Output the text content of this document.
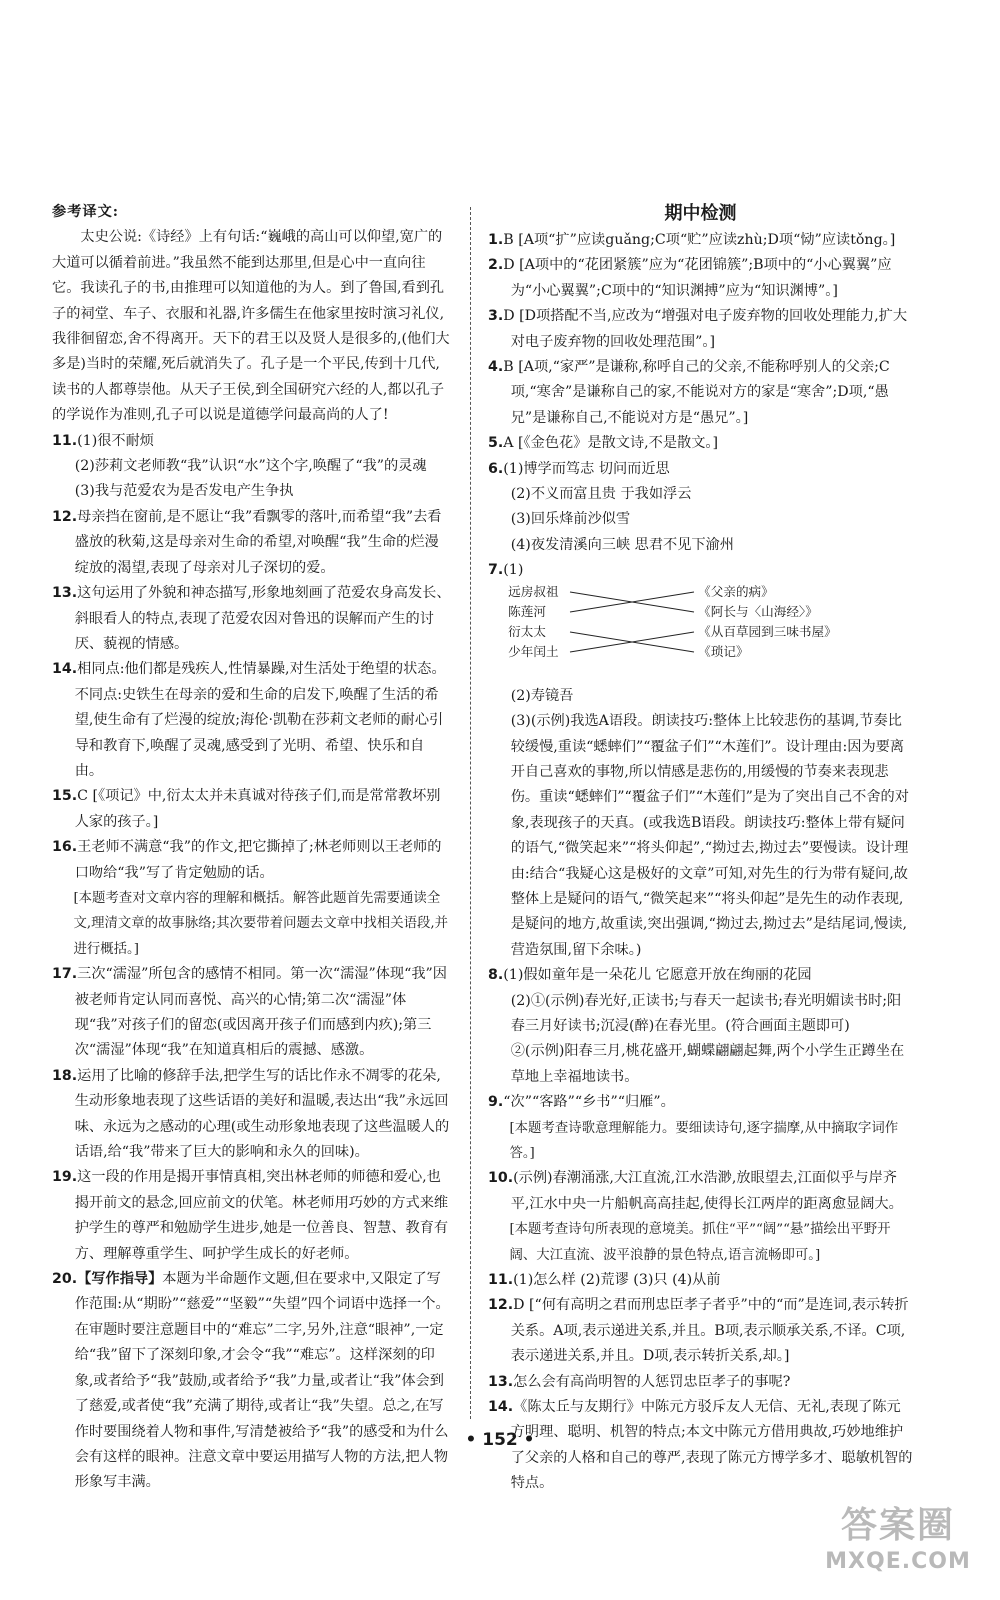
参考译文:

太史公说:《诗经》上有句话:“巍峨的高山可以仰望,宽广的大道可以循着前进。”我虽然不能到达那里,但是心中一直向往它。我读孔子的书,由推理可以知道他的为人。到了鲁国,看到孔子的祠堂、车子、衣服和礼器,许多儒生在他家里按时演习礼仪,我徘徊留恋,舍不得离开。天下的君王以及贤人是很多的,(他们大多是)当时的荣耀,死后就消失了。孔子是一个平民,传到十几代,读书的人都尊崇他。从天子王侯,到全国研究六经的人,都以孔子的学说作为准则,孔子可以说是道德学问最高尚的人了!

11.(1)很不耐烦

(2)莎莉文老师教“我”认识“水”这个字,唤醒了“我”的灵魂

(3)我与范爱农为是否发电产生争执

12.母亲挡在窗前,是不愿让“我”看飘零的落叶,而希望“我”去看盛放的秋菊,这是母亲对生命的希望,对唤醒“我”生命的烂漫绽放的渴望,表现了母亲对儿子深切的爱。

13.这句运用了外貌和神态描写,形象地刻画了范爱农身高发长、斜眼看人的特点,表现了范爱农因对鲁迅的误解而产生的讨厌、藐视的情感。

14.相同点:他们都是残疾人,性情暴躁,对生活处于绝望的状态。不同点:史铁生在母亲的爱和生命的启发下,唤醒了生活的希望,使生命有了烂漫的绽放;海伦·凯勒在莎莉文老师的耐心引导和教育下,唤醒了灵魂,感受到了光明、希望、快乐和自由。

15.C [《项记》中,衍太太并未真诚对待孩子们,而是常常教坏别人家的孩子。]

16.王老师不满意“我”的作文,把它撕掉了;林老师则以王老师的口吻给“我”写了肯定勉励的话。

[本题考查对文章内容的理解和概括。解答此题首先需要通读全文,理清文章的故事脉络;其次要带着问题去文章中找相关语段,并进行概括。]

17.三次“濡湿”所包含的感情不相同。第一次“濡湿”体现“我”因被老师肯定认同而喜悦、高兴的心情;第二次“濡湿”体现“我”对孩子们的留恋(或因离开孩子们而感到内疚);第三次“濡湿”体现“我”在知道真相后的震撼、感激。

18.运用了比喻的修辞手法,把学生写的话比作永不凋零的花朵,生动形象地表现了这些话语的美好和温暖,表达出“我”永远回味、永远为之感动的心理(或生动形象地表现了这些温暖人的话语,给“我”带来了巨大的影响和永久的回味)。

19.这一段的作用是揭开事情真相,突出林老师的师德和爱心,也揭开前文的悬念,回应前文的伏笔。林老师用巧妙的方式来维护学生的尊严和勉励学生进步,她是一位善良、智慧、教育有方、理解尊重学生、呵护学生成长的好老师。

20.【写作指导】本题为半命题作文题,但在要求中,又限定了写作范围:从“期盼”“慈爱”“坚毅”“失望”四个词语中选择一个。在审题时要注意题目中的“难忘”二字,另外,注意“眼神”,一定给“我”留下了深刻印象,才会令“我”“难忘”。这样深刻的印象,或者给予“我”鼓励,或者给予“我”力量,或者让“我”体会到了慈爱,或者使“我”充满了期待,或者让“我”失望。总之,在写作时要围绕着人物和事件,写清楚被给予“我”的感受和为什么会有这样的眼神。注意文章中要运用描写人物的方法,把人物形象写丰满。

期中检测

1.B [A项“扩”应读guǎng;C项“贮”应读zhù;D项“恸”应读tǒng。]

2.D [A项中的“花团紧簇”应为“花团锦簇”;B项中的“小心翼翼”应为“小心翼翼”;C项中的“知识渊搏”应为“知识渊博”。]

3.D [D项搭配不当,应改为“增强对电子废弃物的回收处理能力,扩大对电子废弃物的回收处理范围”。]

4.B [A项,“家严”是谦称,称呼自己的父亲,不能称呼别人的父亲;C项,“寒舍”是谦称自己的家,不能说对方的家是“寒舍”;D项,“愚兄”是谦称自己,不能说对方是“愚兄”。]

5.A [《金色花》是散文诗,不是散文。]

6.(1)博学而笃志 切问而近思

(2)不义而富且贵 于我如浮云

(3)回乐烽前沙似雪

(4)夜发清溪向三峡 思君不见下渝州

7.(1)

远房叔祖
陈莲河
衍太太
少年闰土
《父亲的病》
《阿长与〈山海经〉》
《从百草园到三味书屋》
《琐记》

(2)寿镜吾

(3)(示例)我选A语段。朗读技巧:整体上比较悲伤的基调,节奏比较缓慢,重读“蟋蟀们”“覆盆子们”“木莲们”。设计理由:因为要离开自己喜欢的事物,所以情感是悲伤的,用缓慢的节奏来表现悲伤。重读“蟋蟀们”“覆盆子们”“木莲们”是为了突出自己不舍的对象,表现孩子的天真。(或我选B语段。朗读技巧:整体上带有疑问的语气,“微笑起来”“将头仰起”,“拗过去,拗过去”要慢读。设计理由:结合“我疑心这是极好的文章”可知,对先生的行为带有疑问,故整体上是疑问的语气,“微笑起来”“将头仰起”是先生的动作表现,是疑问的地方,故重读,突出强调,“拗过去,拗过去”是结尾词,慢读,营造氛围,留下余味。)

8.(1)假如童年是一朵花儿 它愿意开放在绚丽的花园

(2)①(示例)春光好,正读书;与春天一起读书;春光明媚读书时;阳春三月好读书;沉浸(醉)在春光里。(符合画面主题即可)

②(示例)阳春三月,桃花盛开,蝴蝶翩翩起舞,两个小学生正蹲坐在草地上幸福地读书。

9.“次”“客路”“乡书”“归雁”。

[本题考查诗歌意理解能力。要细读诗句,逐字揣摩,从中摘取字词作答。]

10.(示例)春潮涌涨,大江直流,江水浩渺,放眼望去,江面似乎与岸齐平,江水中央一片船帆高高挂起,使得长江两岸的距离愈显阔大。

[本题考查诗句所表现的意境美。抓住“平”“阔”“悬”描绘出平野开阔、大江直流、波平浪静的景色特点,语言流畅即可。]

11.(1)怎么样 (2)荒谬 (3)只 (4)从前

12.D [“何有高明之君而刑忠臣孝子者乎”中的“而”是连词,表示转折关系。A项,表示递进关系,并且。B项,表示顺承关系,不译。C项,表示递进关系,并且。D项,表示转折关系,却。]

13.怎么会有高尚明智的人惩罚忠臣孝子的事呢?

14.《陈太丘与友期行》中陈元方驳斥友人无信、无礼,表现了陈元方明理、聪明、机智的特点;本文中陈元方借用典故,巧妙地维护了父亲的人格和自己的尊严,表现了陈元方博学多才、聪敏机智的特点。

• 152 •
答案圈
MXQE.COM
